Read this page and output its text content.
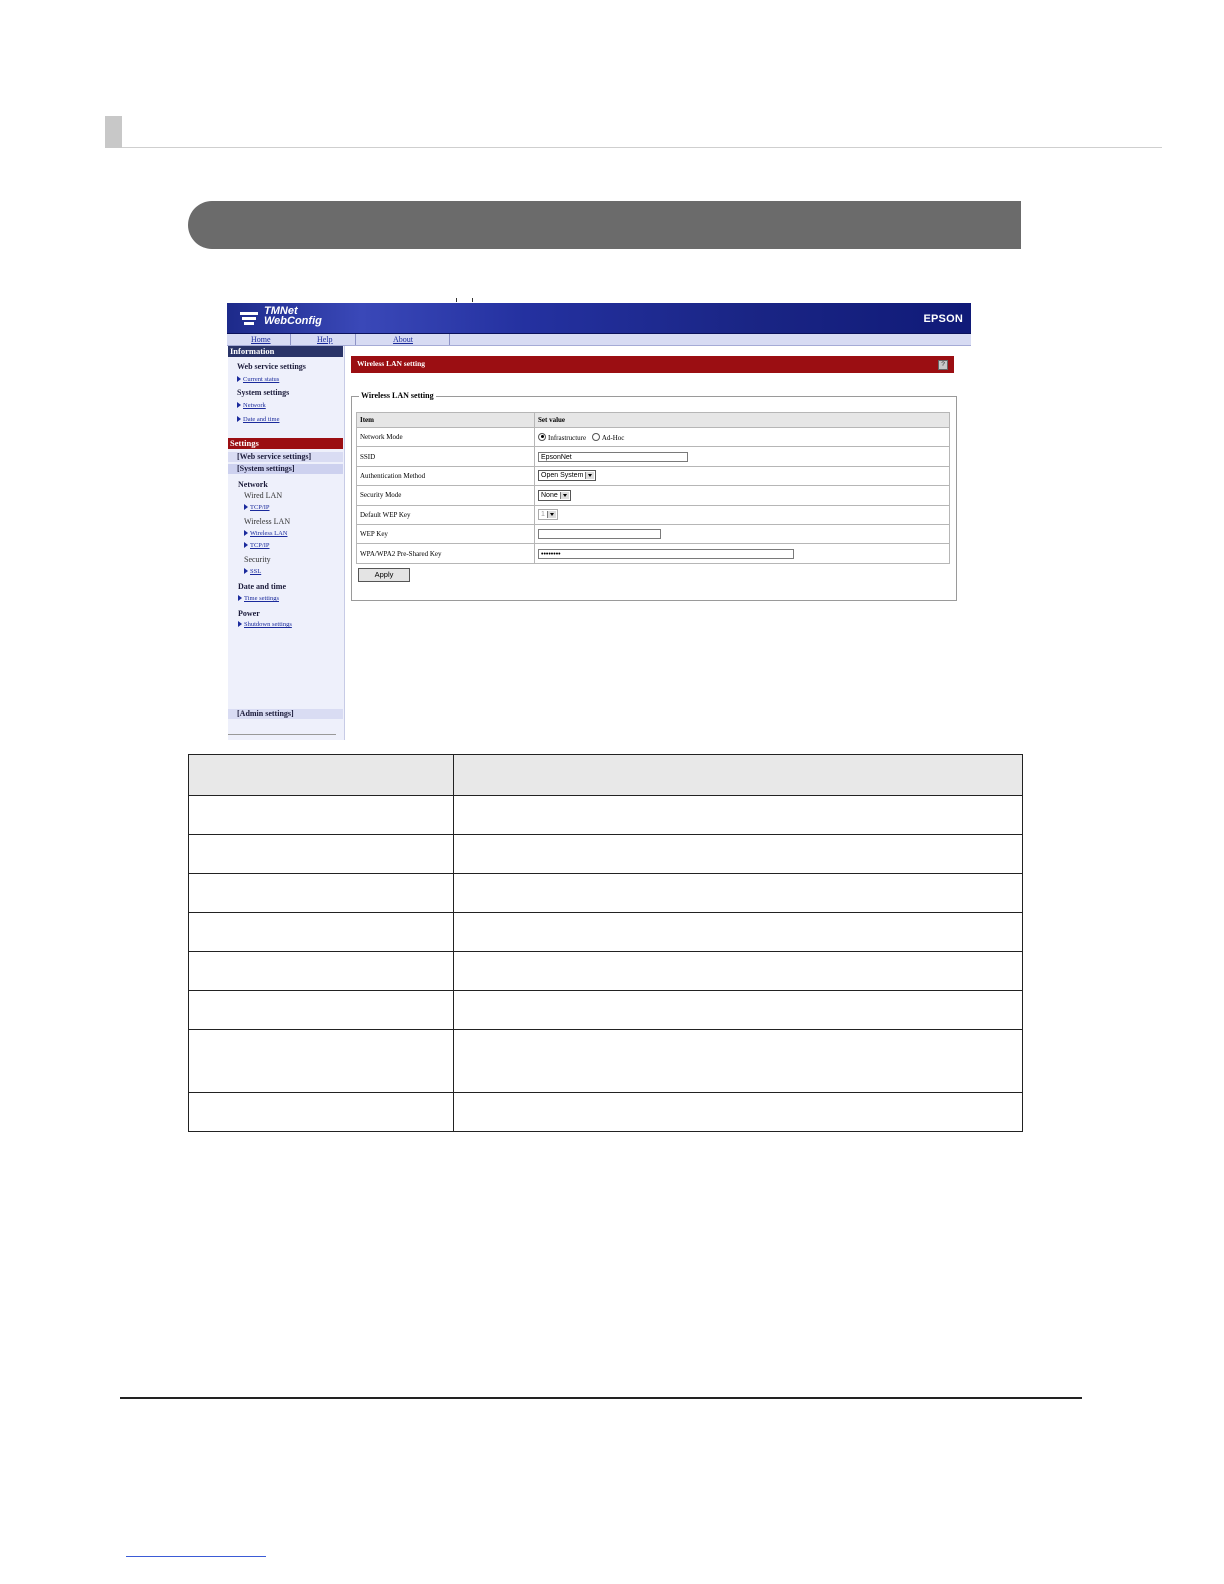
TMNet
WebConfig	EPSON
Home	Help	About
Information
Web service settings
Current status
System settings
Network
Date and time
Settings
[Web service settings]
[System settings]
Network
Wired LAN
TCP/IP
Wireless LAN
Wireless LAN
TCP/IP
Security
SSL
Date and time
Time settings
Power
Shutdown settings
[Admin settings]
Wireless LAN setting	?
Wireless LAN setting
Item	Set value
Network Mode	Infrastructure Ad-Hoc
SSID	EpsonNet
Authentication Method	Open System

Security Mode	None

Default WEP Key	1

WEP Key	
WPA/WPA2 Pre-Shared Key	••••••••
Apply
